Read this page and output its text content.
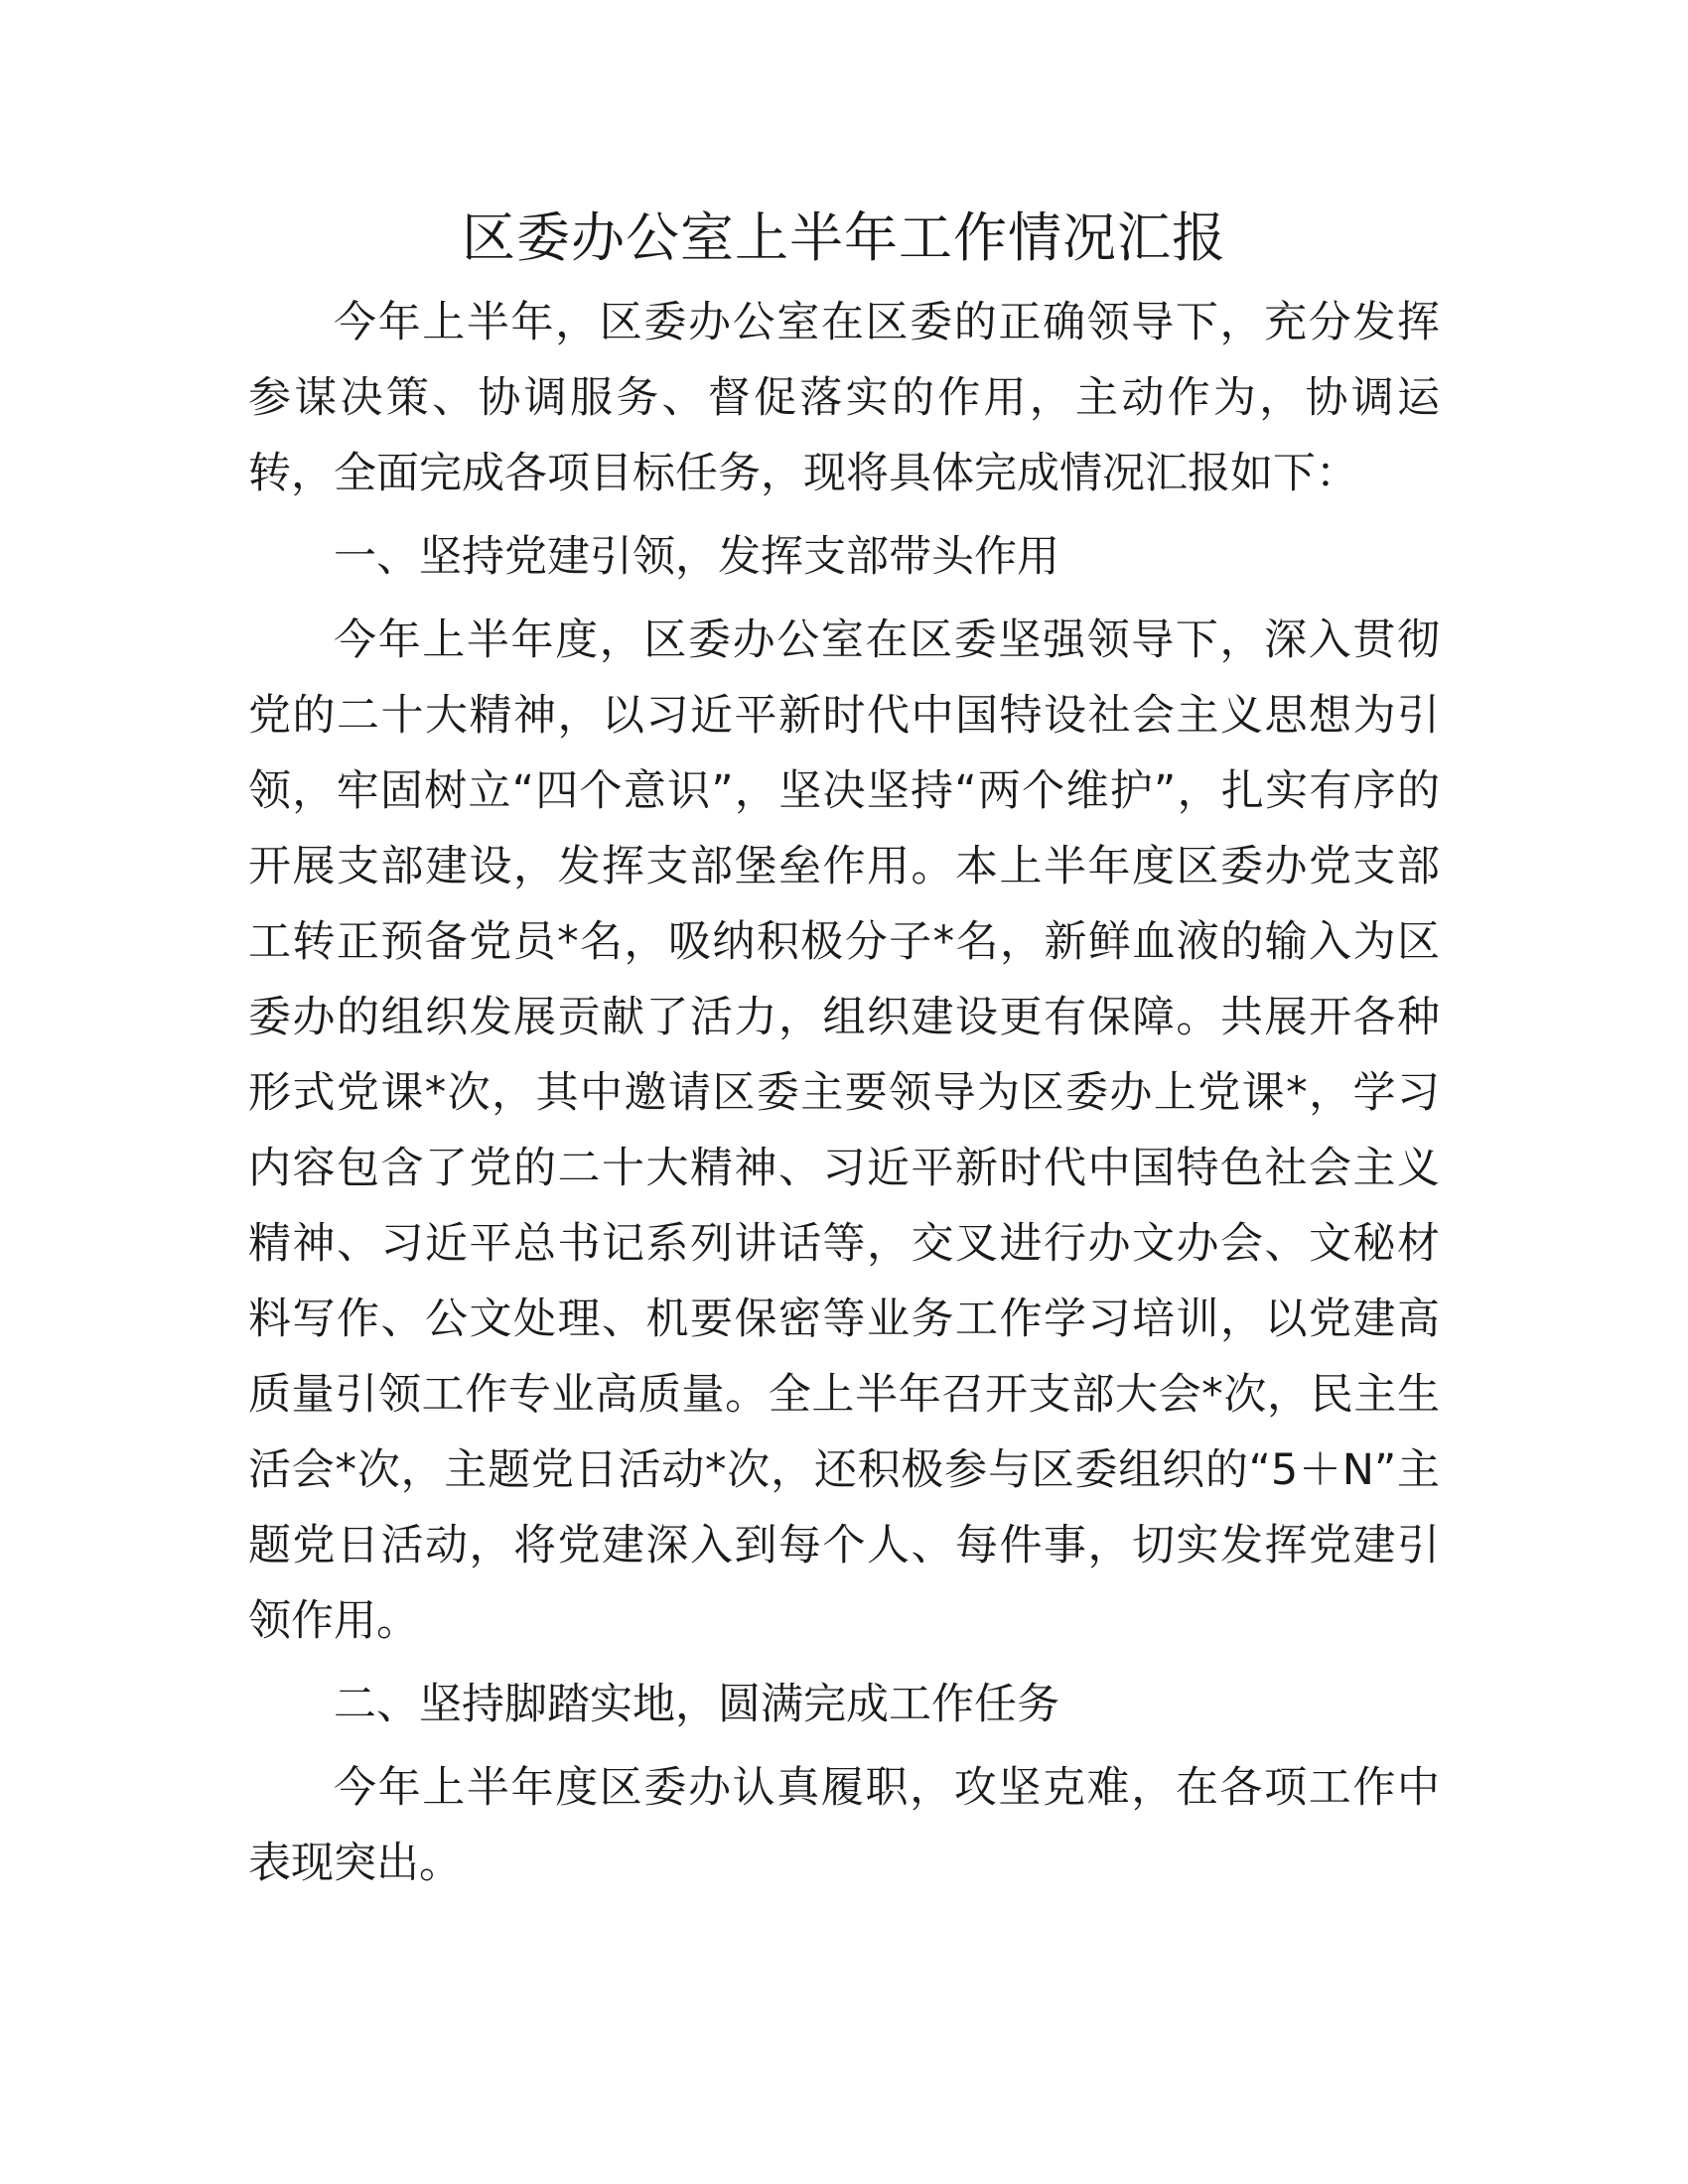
区委办公室上半年工作情况汇报

今年上半年，区委办公室在区委的正确领导下，充分发挥参谋决策、协调服务、督促落实的作用，主动作为，协调运转，全面完成各项目标任务，现将具体完成情况汇报如下：

一、坚持党建引领，发挥支部带头作用

今年上半年度，区委办公室在区委坚强领导下，深入贯彻党的二十大精神，以习近平新时代中国特设社会主义思想为引领，牢固树立“四个意识”，坚决坚持“两个维护”，扎实有序的开展支部建设，发挥支部堡垒作用。本上半年度区委办党支部工转正预备党员*名，吸纳积极分子*名，新鲜血液的输入为区委办的组织发展贡献了活力，组织建设更有保障。共展开各种形式党课*次，其中邀请区委主要领导为区委办上党课*，学习内容包含了党的二十大精神、习近平新时代中国特色社会主义精神、习近平总书记系列讲话等，交叉进行办文办会、文秘材料写作、公文处理、机要保密等业务工作学习培训，以党建高质量引领工作专业高质量。全上半年召开支部大会*次，民主生活会*次，主题党日活动*次，还积极参与区委组织的“5＋N”主题党日活动，将党建深入到每个人、每件事，切实发挥党建引领作用。

二、坚持脚踏实地，圆满完成工作任务

今年上半年度区委办认真履职，攻坚克难，在各项工作中表现突出。
